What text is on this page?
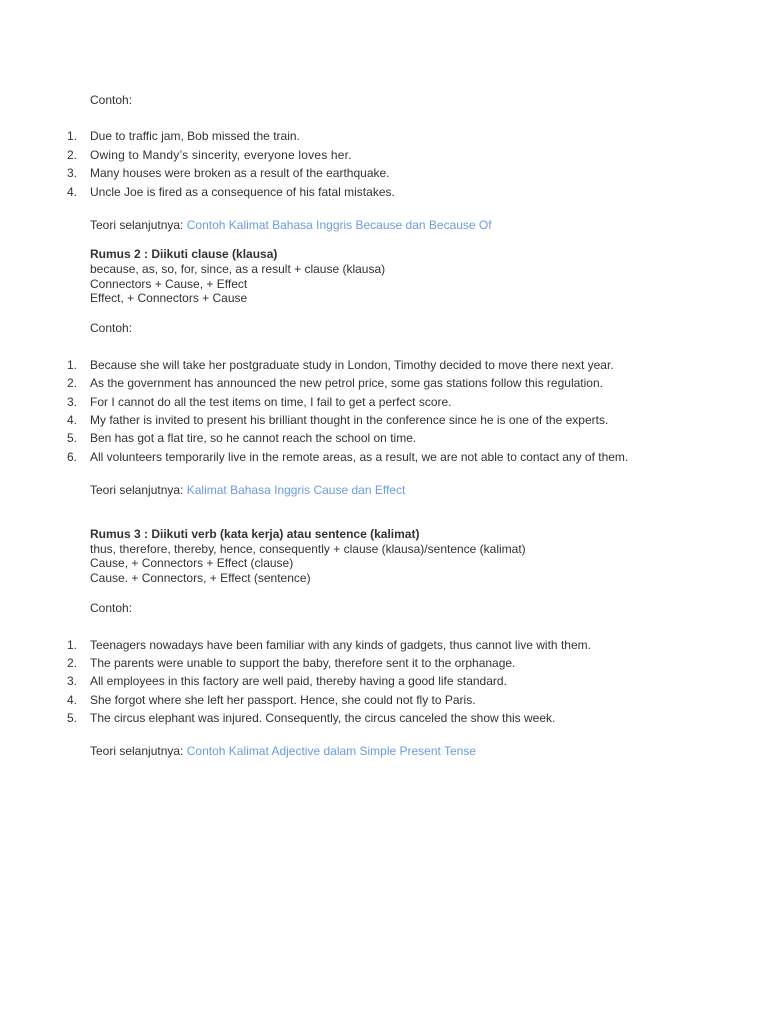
Contoh:
1. Due to traffic jam, Bob missed the train.
2. Owing to Mandy’s sincerity, everyone loves her.
3. Many houses were broken as a result of the earthquake.
4. Uncle Joe is fired as a consequence of his fatal mistakes.
Teori selanjutnya: Contoh Kalimat Bahasa Inggris Because dan Because Of
Rumus 2 : Diikuti clause (klausa)
because, as, so, for, since, as a result + clause (klausa)
Connectors + Cause, + Effect
Effect, + Connectors + Cause
Contoh:
1. Because she will take her postgraduate study in London, Timothy decided to move there next year.
2. As the government has announced the new petrol price, some gas stations follow this regulation.
3. For I cannot do all the test items on time, I fail to get a perfect score.
4. My father is invited to present his brilliant thought in the conference since he is one of the experts.
5. Ben has got a flat tire, so he cannot reach the school on time.
6. All volunteers temporarily live in the remote areas, as a result, we are not able to contact any of them.
Teori selanjutnya: Kalimat Bahasa Inggris Cause dan Effect
Rumus 3 : Diikuti verb (kata kerja) atau sentence (kalimat)
thus, therefore, thereby, hence, consequently + clause (klausa)/sentence (kalimat)
Cause, + Connectors + Effect (clause)
Cause. + Connectors, + Effect (sentence)
Contoh:
1. Teenagers nowadays have been familiar with any kinds of gadgets, thus cannot live with them.
2. The parents were unable to support the baby, therefore sent it to the orphanage.
3. All employees in this factory are well paid, thereby having a good life standard.
4. She forgot where she left her passport. Hence, she could not fly to Paris.
5. The circus elephant was injured. Consequently, the circus canceled the show this week.
Teori selanjutnya: Contoh Kalimat Adjective dalam Simple Present Tense
